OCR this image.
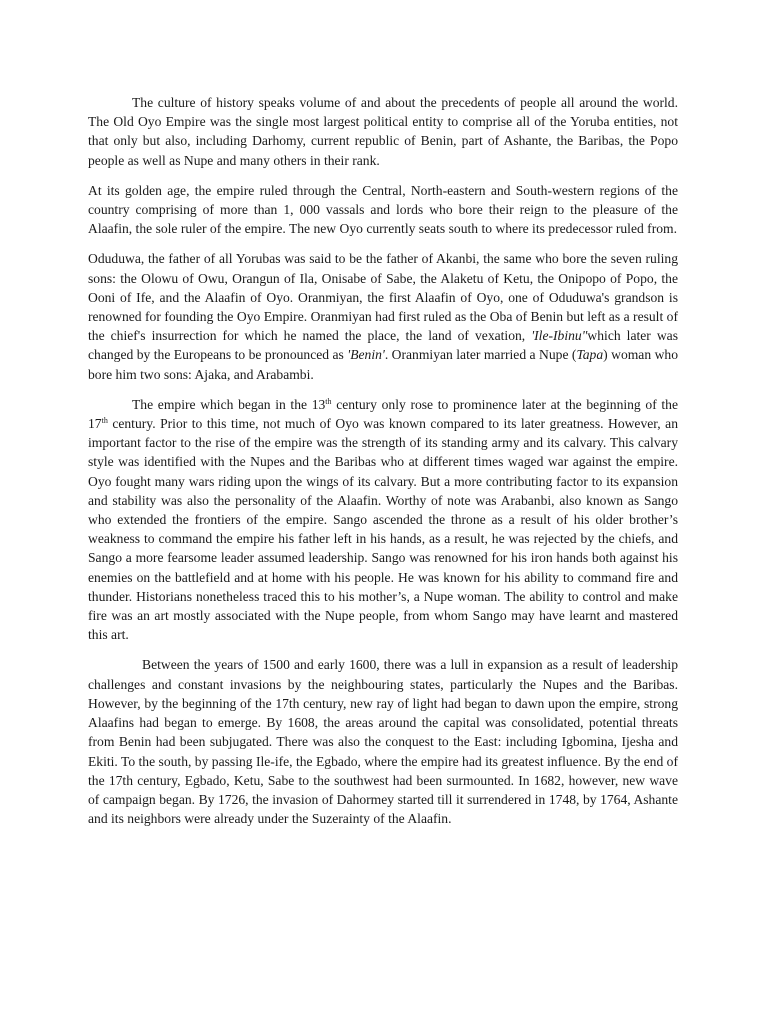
The culture of history speaks volume of and about the precedents of people all around the world. The Old Oyo Empire was the single most largest political entity to comprise all of the Yoruba entities, not that only but also, including Darhomy, current republic of Benin, part of Ashante, the Baribas, the Popo people as well as Nupe and many others in their rank.

At its golden age, the empire ruled through the Central, North-eastern and South-western regions of the country comprising of more than 1, 000 vassals and lords who bore their reign to the pleasure of the Alaafin, the sole ruler of the empire. The new Oyo currently seats south to where its predecessor ruled from.

Oduduwa, the father of all Yorubas was said to be the father of Akanbi, the same who bore the seven ruling sons: the Olowu of Owu, Orangun of Ila, Onisabe of Sabe, the Alaketu of Ketu, the Onipopo of Popo, the Ooni of Ife, and the Alaafin of Oyo. Oranmiyan, the first Alaafin of Oyo, one of Oduduwa's grandson is renowned for founding the Oyo Empire. Oranmiyan had first ruled as the Oba of Benin but left as a result of the chief's insurrection for which he named the place, the land of vexation, 'Ile-Ibinu"which later was changed by the Europeans to be pronounced as 'Benin'. Oranmiyan later married a Nupe (Tapa) woman who bore him two sons: Ajaka, and Arabambi.

The empire which began in the 13th century only rose to prominence later at the beginning of the 17th century. Prior to this time, not much of Oyo was known compared to its later greatness. However, an important factor to the rise of the empire was the strength of its standing army and its calvary. This calvary style was identified with the Nupes and the Baribas who at different times waged war against the empire. Oyo fought many wars riding upon the wings of its calvary. But a more contributing factor to its expansion and stability was also the personality of the Alaafin. Worthy of note was Arabanbi, also known as Sango who extended the frontiers of the empire. Sango ascended the throne as a result of his older brother’s weakness to command the empire his father left in his hands, as a result, he was rejected by the chiefs, and Sango a more fearsome leader assumed leadership. Sango was renowned for his iron hands both against his enemies on the battlefield and at home with his people. He was known for his ability to command fire and thunder. Historians nonetheless traced this to his mother’s, a Nupe woman. The ability to control and make fire was an art mostly associated with the Nupe people, from whom Sango may have learnt and mastered this art.

Between the years of 1500 and early 1600, there was a lull in expansion as a result of leadership challenges and constant invasions by the neighbouring states, particularly the Nupes and the Baribas. However, by the beginning of the 17th century, new ray of light had began to dawn upon the empire, strong Alaafins had began to emerge. By 1608, the areas around the capital was consolidated, potential threats from Benin had been subjugated. There was also the conquest to the East: including Igbomina, Ijesha and Ekiti. To the south, by passing Ile-ife, the Egbado, where the empire had its greatest influence. By the end of the 17th century, Egbado, Ketu, Sabe to the southwest had been surmounted. In 1682, however, new wave of campaign began. By 1726, the invasion of Dahormey started till it surrendered in 1748, by 1764, Ashante and its neighbors were already under the Suzerainty of the Alaafin.
